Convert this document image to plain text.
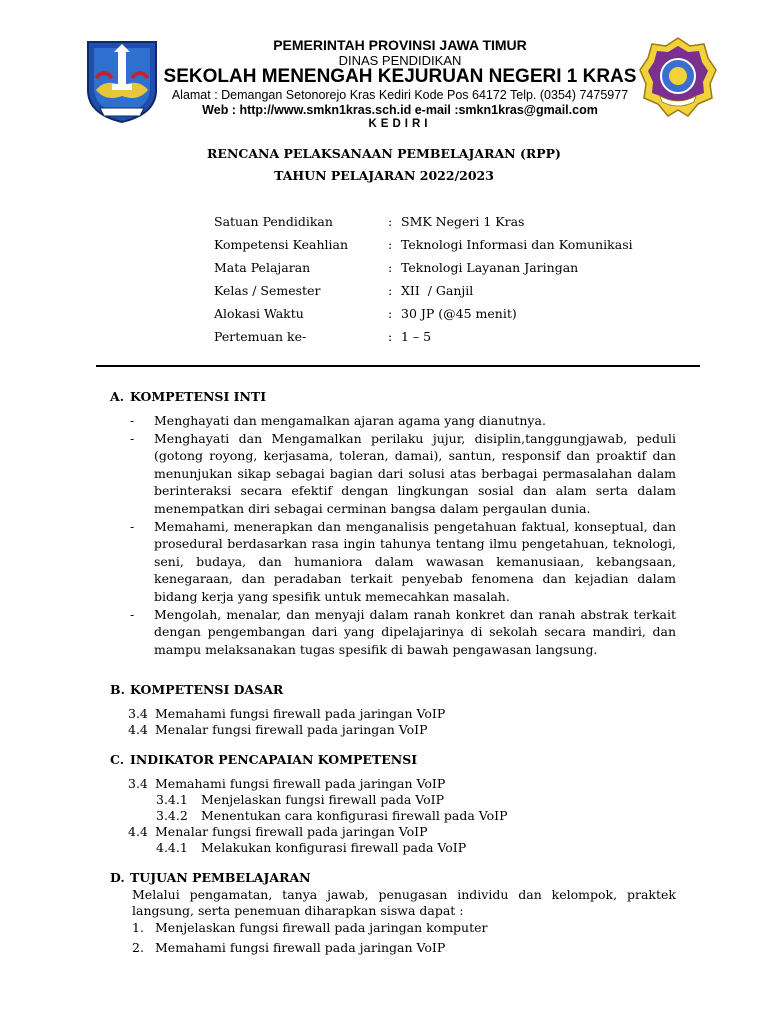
PEMERINTAH PROVINSI JAWA TIMUR
DINAS PENDIDIKAN
SEKOLAH MENENGAH KEJURUAN NEGERI 1 KRAS
Alamat : Demangan Setonorejo Kras Kediri Kode Pos 64172 Telp. (0354) 7475977
Web : http://www.smkn1kras.sch.id e-mail :smkn1kras@gmail.com
KEDIRI
RENCANA PELAKSANAAN PEMBELAJARAN (RPP)
TAHUN PELAJARAN 2022/2023
Satuan Pendidikan	: SMK Negeri 1 Kras
Kompetensi Keahlian	: Teknologi Informasi dan Komunikasi
Mata Pelajaran	: Teknologi Layanan Jaringan
Kelas / Semester	: XII  / Ganjil
Alokasi Waktu	: 30 JP (@45 menit)
Pertemuan ke-	: 1 – 5
A. KOMPETENSI INTI
- Menghayati dan mengamalkan ajaran agama yang dianutnya.
- Menghayati dan Mengamalkan perilaku jujur, disiplin,tanggungjawab, peduli (gotong royong, kerjasama, toleran, damai), santun, responsif dan proaktif dan menunjukan sikap sebagai bagian dari solusi atas berbagai permasalahan dalam berinteraksi secara efektif dengan lingkungan sosial dan alam serta dalam menempatkan diri sebagai cerminan bangsa dalam pergaulan dunia.
- Memahami, menerapkan dan menganalisis pengetahuan faktual, konseptual, dan prosedural berdasarkan rasa ingin tahunya tentang ilmu pengetahuan, teknologi, seni, budaya, dan humaniora dalam wawasan kemanusiaan, kebangsaan, kenegaraan, dan peradaban terkait penyebab fenomena dan kejadian dalam bidang kerja yang spesifik untuk memecahkan masalah.
- Mengolah, menalar, dan menyaji dalam ranah konkret dan ranah abstrak terkait dengan pengembangan dari yang dipelajarinya di sekolah secara mandiri, dan mampu melaksanakan tugas spesifik di bawah pengawasan langsung.
B. KOMPETENSI DASAR
3.4 Memahami fungsi firewall pada jaringan VoIP
4.4 Menalar fungsi firewall pada jaringan VoIP
C. INDIKATOR PENCAPAIAN KOMPETENSI
3.4 Memahami fungsi firewall pada jaringan VoIP
3.4.1 Menjelaskan fungsi firewall pada VoIP
3.4.2 Menentukan cara konfigurasi firewall pada VoIP
4.4 Menalar fungsi firewall pada jaringan VoIP
4.4.1 Melakukan konfigurasi firewall pada VoIP
D. TUJUAN PEMBELAJARAN
Melalui pengamatan, tanya jawab, penugasan individu dan kelompok, praktek langsung, serta penemuan diharapkan siswa dapat :
1. Menjelaskan fungsi firewall pada jaringan komputer
2. Memahami fungsi firewall pada jaringan VoIP
